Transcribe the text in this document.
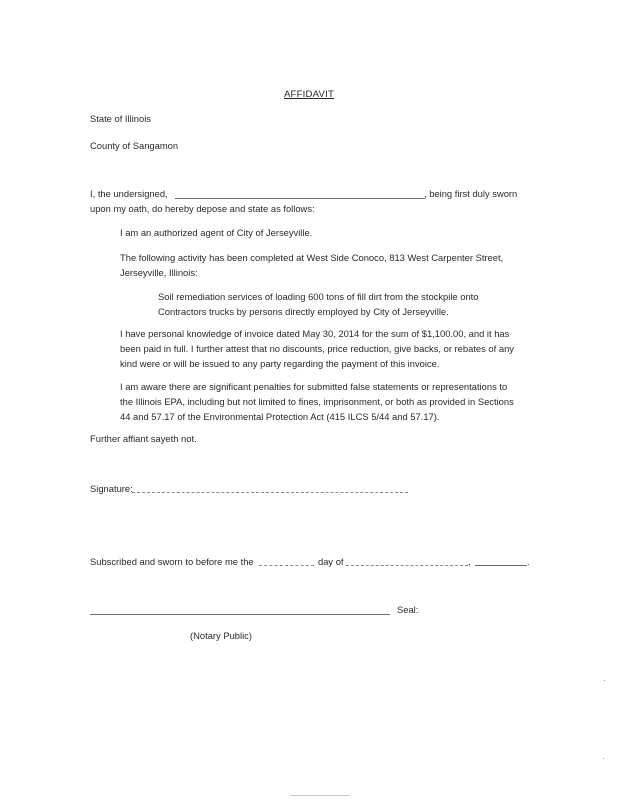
AFFIDAVIT
State of Illinois
County of Sangamon
I, the undersigned,	, being first duly sworn
upon my oath, do hereby depose and state as follows:
I am an authorized agent of City of Jerseyville.
The following activity has been completed at West Side Conoco, 813 West Carpenter Street,
Jerseyville, Illinois:
Soil remediation services of loading 600 tons of fill dirt from the stockpile onto
Contractors trucks by persons directly employed by City of Jerseyville.
I have personal knowledge of invoice dated May 30, 2014 for the sum of $1,100.00, and it has
been paid in full. I further attest that no discounts, price reduction, give backs, or rebates of any
kind were or will be issued to any party regarding the payment of this invoice.
I am aware there are significant penalties for submitted false statements or representations to
the Illinois EPA, including but not limited to fines, imprisonment, or both as provided in Sections
44 and 57.17 of the Environmental Protection Act (415 ILCS 5/44 and 57.17).
Further affiant sayeth not.
Signature:
Subscribed and sworn to before me the	day of	,	.
Seal:
(Notary Public)
